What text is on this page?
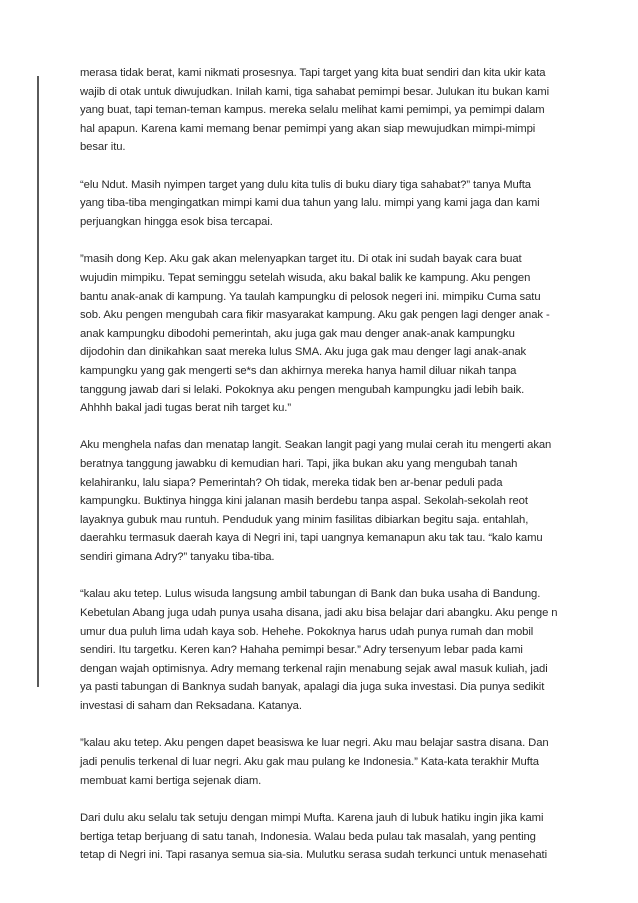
merasa tidak berat, kami nikmati prosesnya. Tapi target yang kita buat sendiri dan kita ukir kata
wajib di otak untuk diwujudkan. Inilah kami, tiga sahabat pemimpi besar. Julukan itu bukan kami
yang buat, tapi teman-teman kampus. mereka selalu melihat kami pemimpi, ya pemimpi dalam
hal apapun. Karena kami memang benar pemimpi yang akan siap mewujudkan mimpi-mimpi
besar itu.

“elu Ndut. Masih nyimpen target yang dulu kita tulis di buku diary tiga sahabat?” tanya Mufta
yang tiba-tiba mengingatkan mimpi kami dua tahun yang lalu. mimpi yang kami jaga dan kami
perjuangkan hingga esok bisa tercapai.

”masih dong Kep. Aku gak akan melenyapkan target itu. Di otak ini sudah bayak cara buat
wujudin mimpiku. Tepat seminggu setelah wisuda, aku bakal balik ke kampung. Aku pengen
bantu anak-anak di kampung. Ya taulah kampungku di pelosok negeri ini. mimpiku Cuma satu
sob. Aku pengen mengubah cara fikir masyarakat kampung. Aku gak pengen lagi denger anak -
anak kampungku dibodohi pemerintah, aku juga gak mau denger anak-anak kampungku
dijodohin dan dinikahkan saat mereka lulus SMA. Aku juga gak mau denger lagi anak-anak
kampungku yang gak mengerti se*s dan akhirnya mereka hanya hamil diluar nikah tanpa
tanggung jawab dari si lelaki. Pokoknya aku pengen mengubah kampungku jadi lebih baik.
Ahhhh bakal jadi tugas berat nih target ku.”

Aku menghela nafas dan menatap langit. Seakan langit pagi yang mulai cerah itu mengerti akan
beratnya tanggung jawabku di kemudian hari. Tapi, jika bukan aku yang mengubah tanah
kelahiranku, lalu siapa? Pemerintah? Oh tidak, mereka tidak ben ar-benar peduli pada
kampungku. Buktinya hingga kini jalanan masih berdebu tanpa aspal. Sekolah-sekolah reot
layaknya gubuk mau runtuh. Penduduk yang minim fasilitas dibiarkan begitu saja. entahlah,
daerahku termasuk daerah kaya di Negri ini, tapi uangnya kemanapun aku tak tau. “kalo kamu
sendiri gimana Adry?” tanyaku tiba-tiba.

“kalau aku tetep. Lulus wisuda langsung ambil tabungan di Bank dan buka usaha di Bandung.
Kebetulan Abang juga udah punya usaha disana, jadi aku bisa belajar dari abangku. Aku penge n
umur dua puluh lima udah kaya sob. Hehehe. Pokoknya harus udah punya rumah dan mobil
sendiri. Itu targetku. Keren kan? Hahaha pemimpi besar.” Adry tersenyum lebar pada kami
dengan wajah optimisnya. Adry memang terkenal rajin menabung sejak awal masuk kuliah, jadi
ya pasti tabungan di Banknya sudah banyak, apalagi dia juga suka investasi. Dia punya sedikit
investasi di saham dan Reksadana. Katanya.

”kalau aku tetep. Aku pengen dapet beasiswa ke luar negri. Aku mau belajar sastra disana. Dan
jadi penulis terkenal di luar negri. Aku gak mau pulang ke Indonesia.” Kata-kata terakhir Mufta
membuat kami bertiga sejenak diam.

Dari dulu aku selalu tak setuju dengan mimpi Mufta. Karena jauh di lubuk hatiku ingin jika kami
bertiga tetap berjuang di satu tanah, Indonesia. Walau beda pulau tak masalah, yang penting
tetap di Negri ini. Tapi rasanya semua sia-sia. Mulutku serasa sudah terkunci untuk menasehati
